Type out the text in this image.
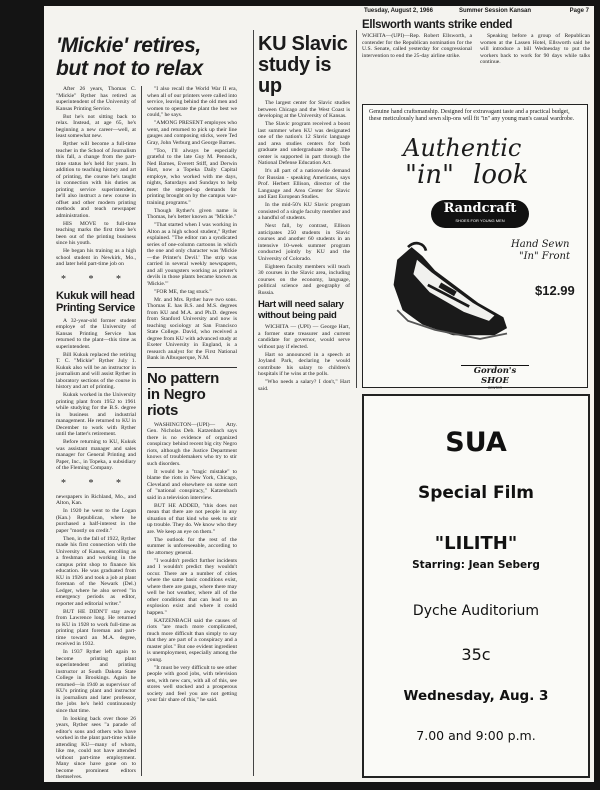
Tuesday, August 2, 1966	Summer Session Kansan	Page 7
'Mickie' retires,
but not to relax

After 26 years, Thomas C. "Mickie" Ryther has retired as superintendent of the University of Kansas Printing Service.

But he's not sitting back to relax. Instead, at age 65, he's beginning a new career—well, at least somewhat new.

Ryther will become a full-time teacher in the School of Journalism this fall, a change from the part-time status he's held for years. In addition to teaching history and art of printing, the course he's taught in connection with his duties as printing service superintendent, he'll also instruct a new course in offset and other modern printing methods and teach newspaper administration.

HIS MOVE to full-time teaching marks the first time he's been out of the printing business since his youth.

He began his training as a high school student in Newkirk, Mo., and later held part-time job on

* * *
Kukuk will head Printing Service

A 32-year-old former student employe of the University of Kansas Printing Service has returned to the plant—this time as superintendent.

Bill Kukuk replaced the retiring T. C. "Mickie" Ryther July 1. Kukuk also will be an instructor in journalism and will assist Ryther in laboratory sections of the course in history and art of printing.

Kukuk worked in the University printing plant from 1952 to 1961 while studying for the B.S. degree in business and industrial management. He returned to KU in December to work with Ryther until the latter's retirement.

Before returning to KU, Kukuk was assistant manager and sales manager for General Printing and Paper, Inc., in Topeka, a subsidiary of the Fleming Company.

* * *

newspapers in Richland, Mo., and Alton, Kan.

In 1920 he went to the Logan (Kan.) Republican, where he purchased a half-interest in the paper "mostly on credit."

Then, in the fall of 1922, Ryther made his first connection with the University of Kansas, enrolling as a freshman and working in the campus print shop to finance his education. He was graduated from KU in 1926 and took a job at plant foreman of the Newark (Del.) Ledger, where he also served "in emergency periods as editor, reporter and editorial writer."

BUT HE DIDN'T stay away from Lawrence long. He returned to KU in 1928 to work full-time as printing plant foreman and part-time toward an M.A. degree, received in 1932.

In 1937 Ryther left again to become printing plant superintendent and printing instructor at South Dakota State College in Brookings. Again he returned—in 1940 as supervisor of KU's printing plant and instructor in journalism and later professor, the jobs he's held continuously since that time.

In looking back over those 26 years, Ryther sees "a parade of editor's sons and others who have worked in the plant part-time while attending KU—many of whom, like me, could not have attended without part-time employment. Many since have gone on to become prominent editors themselves.

"I also recall the World War II era, when all of our printers were called into service, leaving behind the old men and women to operate the plant the best we could," he says.

"AMONG PRESENT employes who went, and returned to pick up their line gauges and composing sticks, were Ted Gray, John Verburg and George Barnes.

"Too, I'll always be especially grateful to the late Guy M. Pennock, Ned Barnes, Everett Stiff, and Derwin Hart, now a Topeka Daily Capital employe, who worked with me days, nights, Saturdays and Sundays to help meet the stepped-up demands for printing brought on by the campus war-training programs."

Though Ryther's given name is Thomas, he's better known as "Mickie."

"That started when I was working in Alton as a high school student," Ryther explained. "The editor ran a syndicated series of one-column cartoons in which the one and only character was 'Mickie—the Printer's Devil.' The strip was carried in several weekly newspapers, and all youngsters working as printer's devils in those plants became known as 'Mickie.'"

"FOR ME, the tag stuck."

Mr. and Mrs. Ryther have two sons. Thomas E. has B.S. and M.S. degrees from KU and M.A. and Ph.D. degrees from Stanford University and now is teaching sociology at San Francisco State College. David, who received a degree from KU with advanced study at Exeter University in England, is a research analyst for the First National Bank in Albuquerque, N.M.

No pattern
in Negro riots

WASHINGTON—(UPI)— Atty. Gen. Nicholas Deb. Katzenbach says there is no evidence of organized conspiracy behind recent big city Negro riots, although the Justice Department knows of troublemakers who try to stir such disorders.

It would be a "tragic mistake" to blame the riots in New York, Chicago, Cleveland and elsewhere on some sort of "national conspiracy," Katzenbach said in a television interview.

BUT HE ADDED, "this does not mean that there are not people in any situation of that kind who seek to stir up trouble. They do. We know who they are. We keep an eye on them."

The outlook for the rest of the summer is unforeseeable, according to the attorney general.

"I wouldn't predict further incidents and I wouldn't predict they wouldn't occur. There are a number of cities where the same basic conditions exist, where there are gangs, where there may well be hot weather, where all of the other conditions that can lead to an explosion exist and where it could happen."

KATZENBACH said the causes of riots "are much more complicated, much more difficult than simply to say that they are part of a conspiracy and a master plot." But one evident ingredient is unemployment, especially among the young.

"It must be very difficult to see other people with good jobs, with television sets, with new cars, with all of this, see stores well stocked and a prosperous society and feel you are not getting your fair share of this," he said.

KU Slavic
study is up

The largest center for Slavic studies between Chicago and the West Coast is developing at the University of Kansas.

The Slavic program received a boost last summer when KU was designated one of the nation's 12 Slavic language and area studies centers for both graduate and undergraduate study. The center is supported in part through the National Defense Education Act.

It's all part of a nationwide demand for Russian - speaking Americans, says Prof. Herbert Ellison, director of the Language and Area Center for Slavic and East European Studies.

In the mid-50's KU Slavic program consisted of a single faculty member and a handful of students.

Next fall, by contrast, Ellison anticipates 250 students in Slavic courses and another 60 students in an intensive 10-week summer program conducted jointly by KU and the University of Colorado.

Eighteen faculty members will teach 30 courses in the Slavic area, including courses on the economy, language, political science and geography of Russia.

Hart will need salary
without being paid

WICHITA — (UPI) — George Hart, a former state treasurer and current candidate for governor, would serve without pay if elected.

Hart so announced in a speech at Joyland Park, declaring he would contribute his salary to children's hospitals if he wins at the polls.

"Who needs a salary? I don't," Hart said.

Ellsworth wants strike ended

WICHITA—(UPI)—Rep. Robert Ellsworth, a contender for the Republican nomination for the U.S. Senate, called yesterday for congressional intervention to end the 25-day airline strike.

Speaking before a group of Republican women at the Lassen Hotel, Ellsworth said he will introduce a bill Wednesday to put the workers back to work for 90 days while talks continue.

Genuine hand craftsmanship. Designed for extravagant taste and a practical budget, these meticulously hand sewn slip-ons will fit "in" any young man's casual wardrobe.

Authentic
"in" look
Randcraft
SHOES FOR YOUNG MEN
Hand Sewn
"In" Front
$12.99
Gordon's SHOE
CENTER
SUA
Special Film
"LILITH"
Starring: Jean Seberg
Dyche Auditorium
35c
Wednesday, Aug. 3
7.00 and 9:00 p.m.
